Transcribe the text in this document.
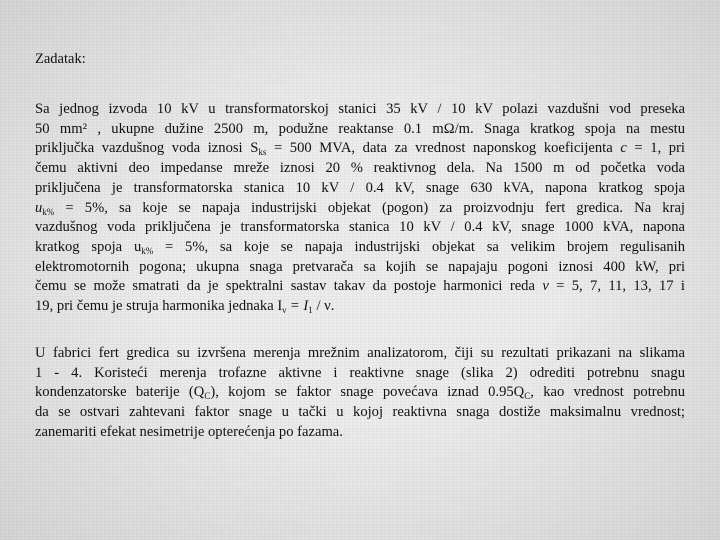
Zadatak:
Sa jednog izvoda 10 kV u transformatorskoj stanici 35 kV / 10 kV polazi vazdušni vod preseka
50 mm² , ukupne dužine 2500 m, podužne reaktanse 0.1 mΩ/m. Snaga kratkog spoja na mestu
priključka vazdušnog voda iznosi $S_{ks} = 500$ MVA, data za vrednost naponskog koeficijenta c = 1, pri
čemu aktivni deo impedanse mreže iznosi 20 % reaktivnog dela. Na 1500 m od početka voda
priključena je transformatorska stanica 10 kV / 0.4 kV, snage 630 kVA, napona kratkog spoja
$u_{k\%} = 5\%$, sa koje se napaja industrijski objekat (pogon) za proizvodnju fert gredica. Na kraj
vazdušnog voda priključena je transformatorska stanica 10 kV / 0.4 kV, snage 1000 kVA, napona
kratkog spoja $u_{k\%} = 5\%$, sa koje se napaja industrijski objekat sa velikim brojem regulisanih
elektromotornih pogona; ukupna snaga pretvarača sa kojih se napajaju pogoni iznosi 400 kW, pri
čemu se može smatrati da je spektralni sastav takav da postoje harmonici reda ν = 5, 7, 11, 13, 17 i
19, pri čemu je struja harmonika jednaka $I_\nu = I_1 / \nu$.
U fabrici fert gredica su izvršena merenja mrežnim analizatorom, čiji su rezultati prikazani na slikama
1 - 4. Koristeći merenja trofazne aktivne i reaktivne snage (slika 2) odrediti potrebnu snagu
kondenzatorske baterije $(Q_C)$, kojom se faktor snage povećava iznad $0.95Q_C$, kao vrednost potrebnu
da se ostvari zahtevani faktor snage u tački u kojoj reaktivna snaga dostiže maksimalnu vrednost;
zanemariti efekat nesimetrije opterećenja po fazama.
